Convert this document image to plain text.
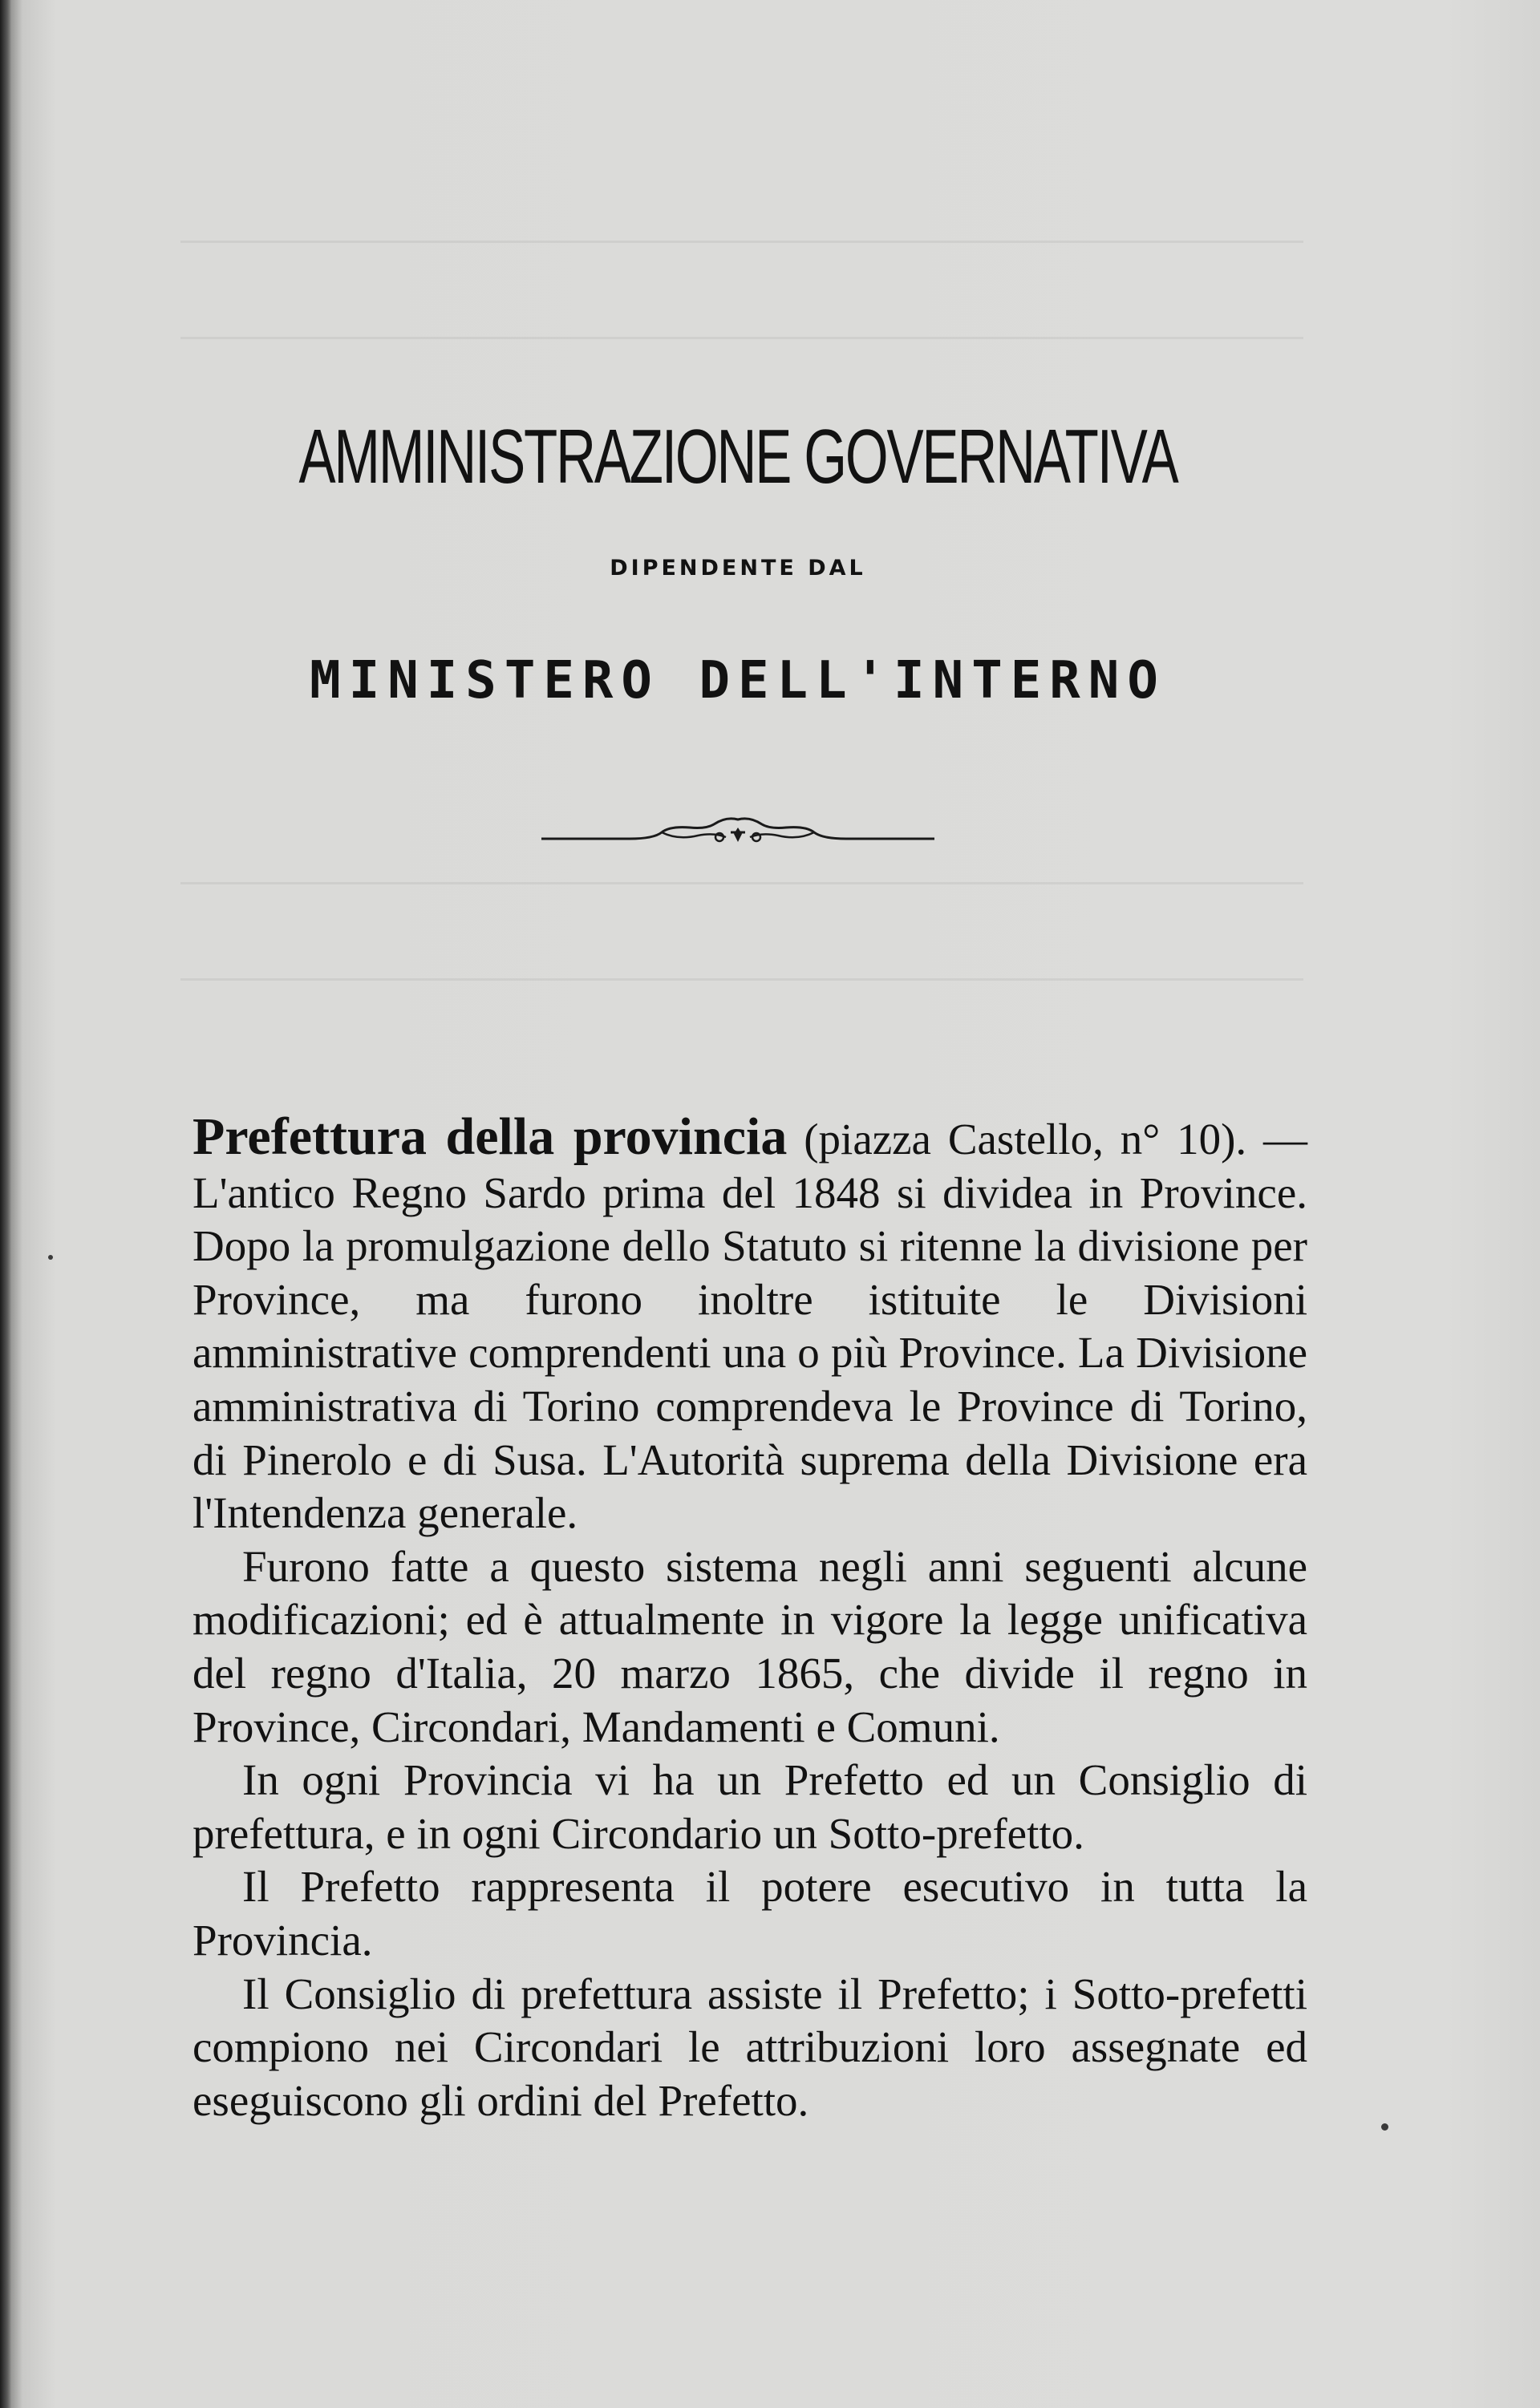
AMMINISTRAZIONE GOVERNATIVA
DIPENDENTE DAL
MINISTERO DELL'INTERNO

Prefettura della provincia (piazza Castello, n° 10). — L'antico Regno Sardo prima del 1848 si dividea in Province. Dopo la promulgazione dello Statuto si ritenne la divisione per Province, ma furono inoltre istituite le Divisioni amministrative comprendenti una o più Province. La Divisione amministrativa di Torino comprendeva le Province di Torino, di Pinerolo e di Susa. L'Autorità suprema della Divisione era l'Intendenza generale.

Furono fatte a questo sistema negli anni seguenti alcune modificazioni; ed è attualmente in vigore la legge unificativa del regno d'Italia, 20 marzo 1865, che divide il regno in Province, Circondari, Mandamenti e Comuni.

In ogni Provincia vi ha un Prefetto ed un Consiglio di prefettura, e in ogni Circondario un Sotto-prefetto.

Il Prefetto rappresenta il potere esecutivo in tutta la Provincia.

Il Consiglio di prefettura assiste il Prefetto; i Sotto-prefetti compiono nei Circondari le attribuzioni loro assegnate ed eseguiscono gli ordini del Prefetto.
